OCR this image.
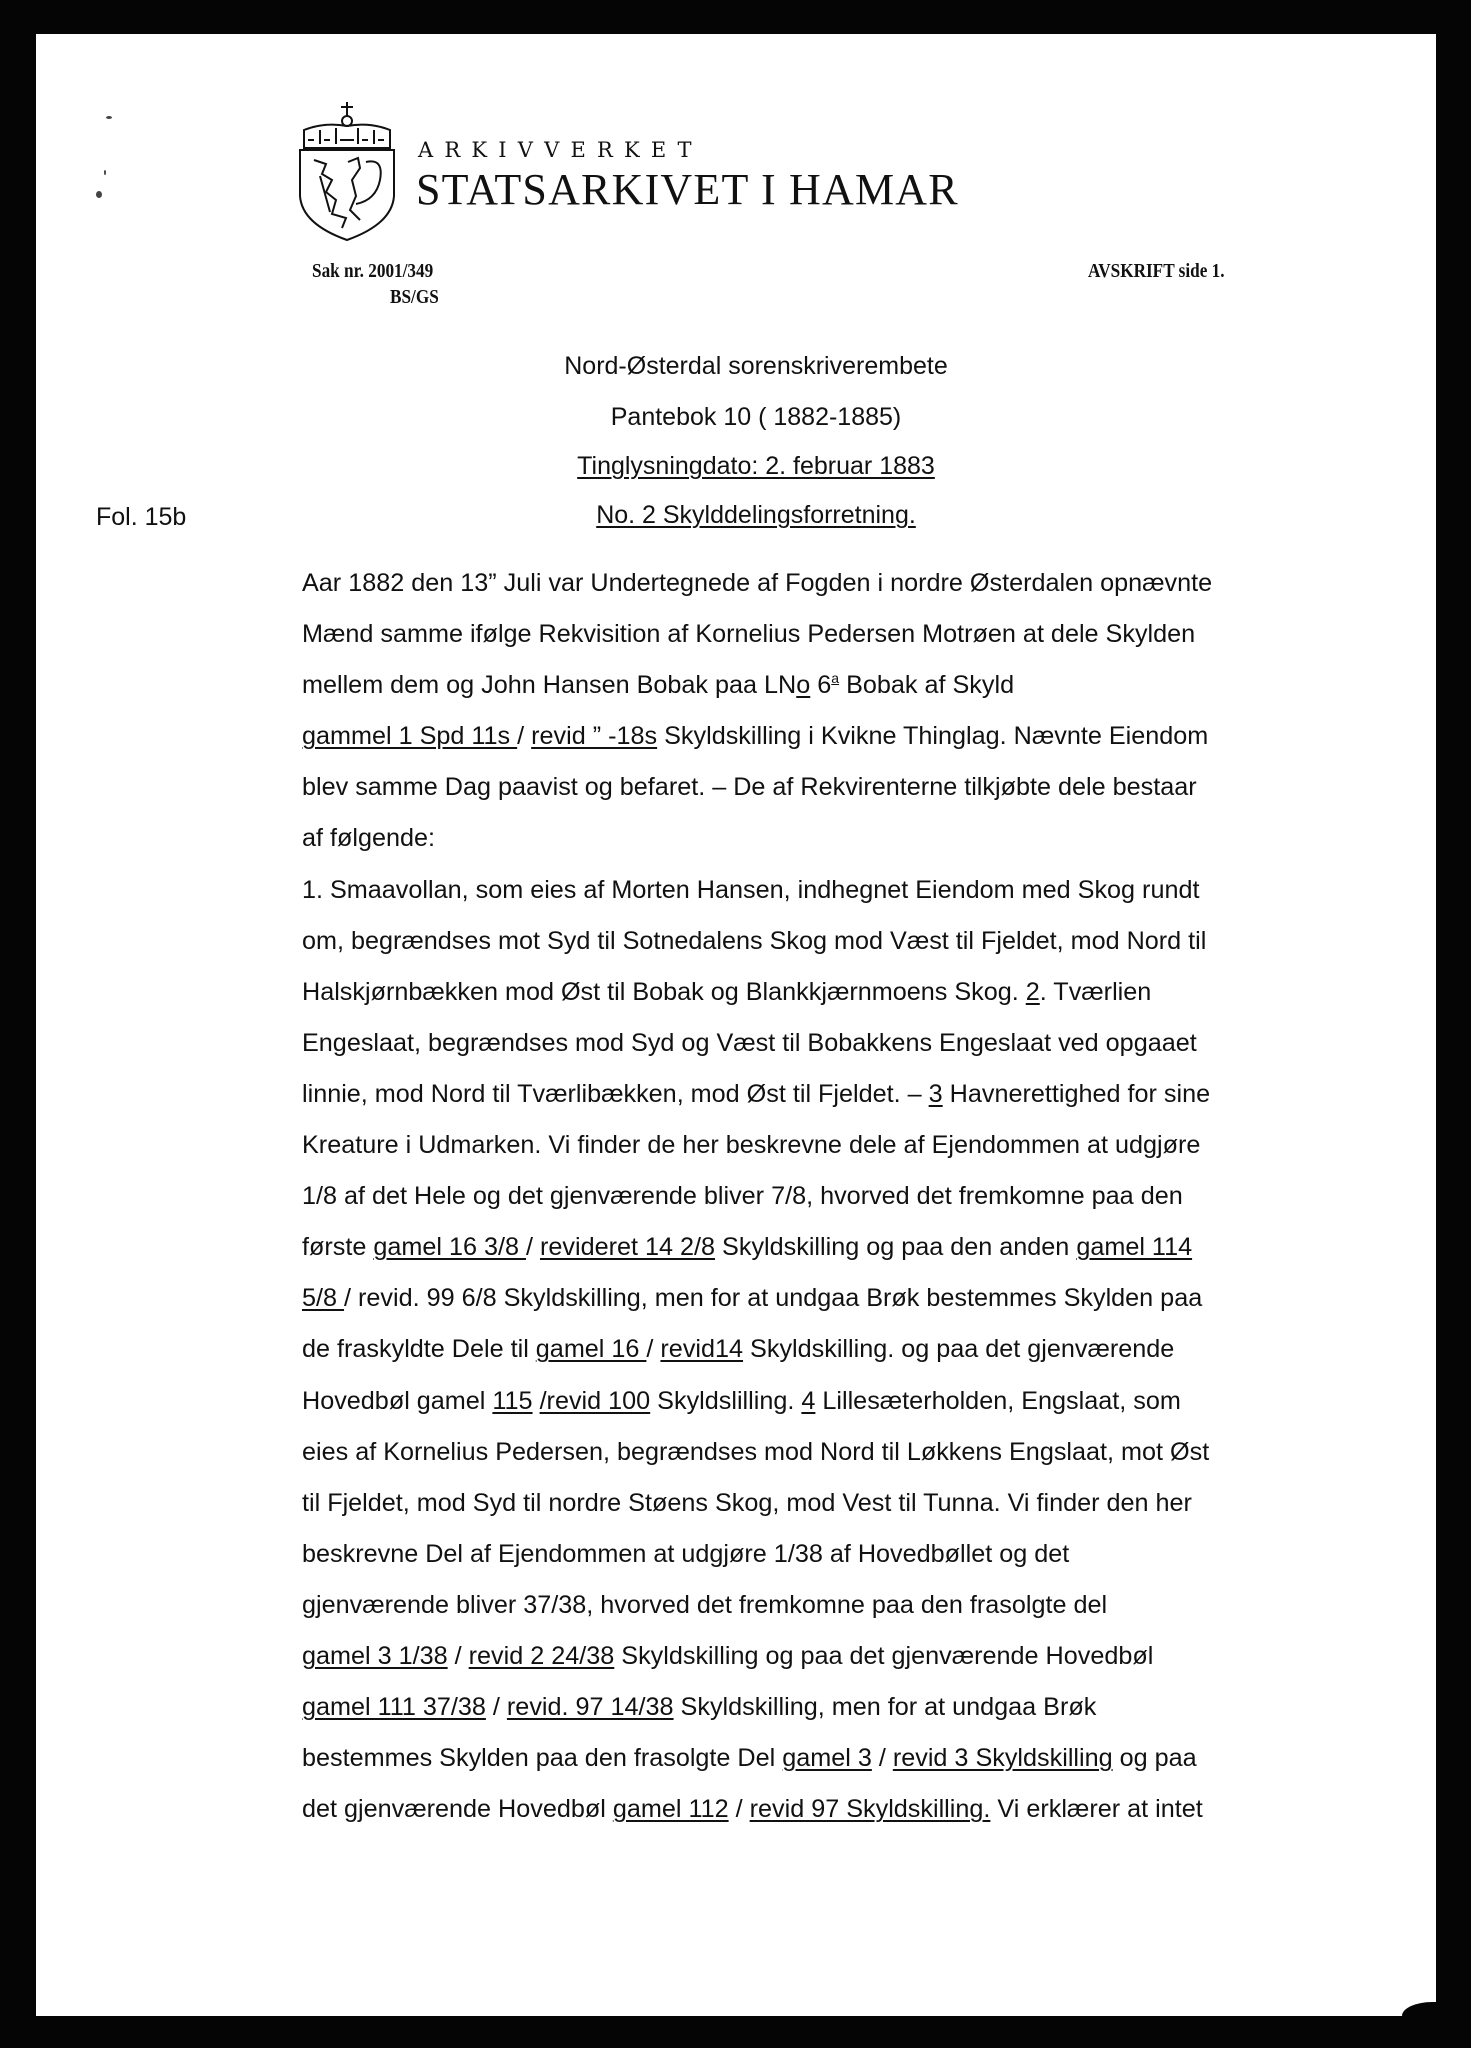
ARKIVVERKET
STATSARKIVET I HAMAR
Sak nr. 2001/349
BS/GS
AVSKRIFT side 1.
Nord-Østerdal sorenskriverembete
Pantebok 10 ( 1882-1885)
Tinglysningdato: 2. februar 1883
No. 2 Skylddelingsforretning.
Fol. 15b
Aar 1882 den 13” Juli var Undertegnede af Fogden i nordre Østerdalen opnævnte
Mænd samme ifølge Rekvisition af Kornelius Pedersen Motrøen at dele Skylden
mellem dem og John Hansen Bobak paa LNo 6$^a$ Bobak af Skyld
gammel 1 Spd 11s / revid ” -18s Skyldskilling i Kvikne Thinglag. Nævnte Eiendom
blev samme Dag paavist og befaret. – De af Rekvirenterne tilkjøbte dele bestaar
af følgende:
1. Smaavollan, som eies af Morten Hansen, indhegnet Eiendom med Skog rundt
om, begrændses mot Syd til Sotnedalens Skog mod Væst til Fjeldet, mod Nord til
Halskjørnbækken mod Øst til Bobak og Blankkjærnmoens Skog. 2. Tværlien
Engeslaat, begrændses mod Syd og Væst til Bobakkens Engeslaat ved opgaaet
linnie, mod Nord til Tværlibækken, mod Øst til Fjeldet. – 3 Havnerettighed for sine
Kreature i Udmarken. Vi finder de her beskrevne dele af Ejendommen at udgjøre
1/8 af det Hele og det gjenværende bliver 7/8, hvorved det fremkomne paa den
første gamel 16 3/8 / revideret 14 2/8 Skyldskilling og paa den anden gamel 114
5/8 / revid. 99 6/8 Skyldskilling, men for at undgaa Brøk bestemmes Skylden paa
de fraskyldte Dele til gamel 16 / revid14 Skyldskilling. og paa det gjenværende
Hovedbøl gamel 115 /revid 100 Skyldslilling. 4 Lillesæterholden, Engslaat, som
eies af Kornelius Pedersen, begrændses mod Nord til Løkkens Engslaat, mot Øst
til Fjeldet, mod Syd til nordre Støens Skog, mod Vest til Tunna. Vi finder den her
beskrevne Del af Ejendommen at udgjøre 1/38 af Hovedbøllet og det
gjenværende bliver 37/38, hvorved det fremkomne paa den frasolgte del
gamel 3 1/38 / revid 2 24/38 Skyldskilling og paa det gjenværende Hovedbøl
gamel 111 37/38 / revid. 97 14/38 Skyldskilling, men for at undgaa Brøk
bestemmes Skylden paa den frasolgte Del gamel 3 / revid 3 Skyldskilling og paa
det gjenværende Hovedbøl gamel 112 / revid 97 Skyldskilling. Vi erklærer at intet
